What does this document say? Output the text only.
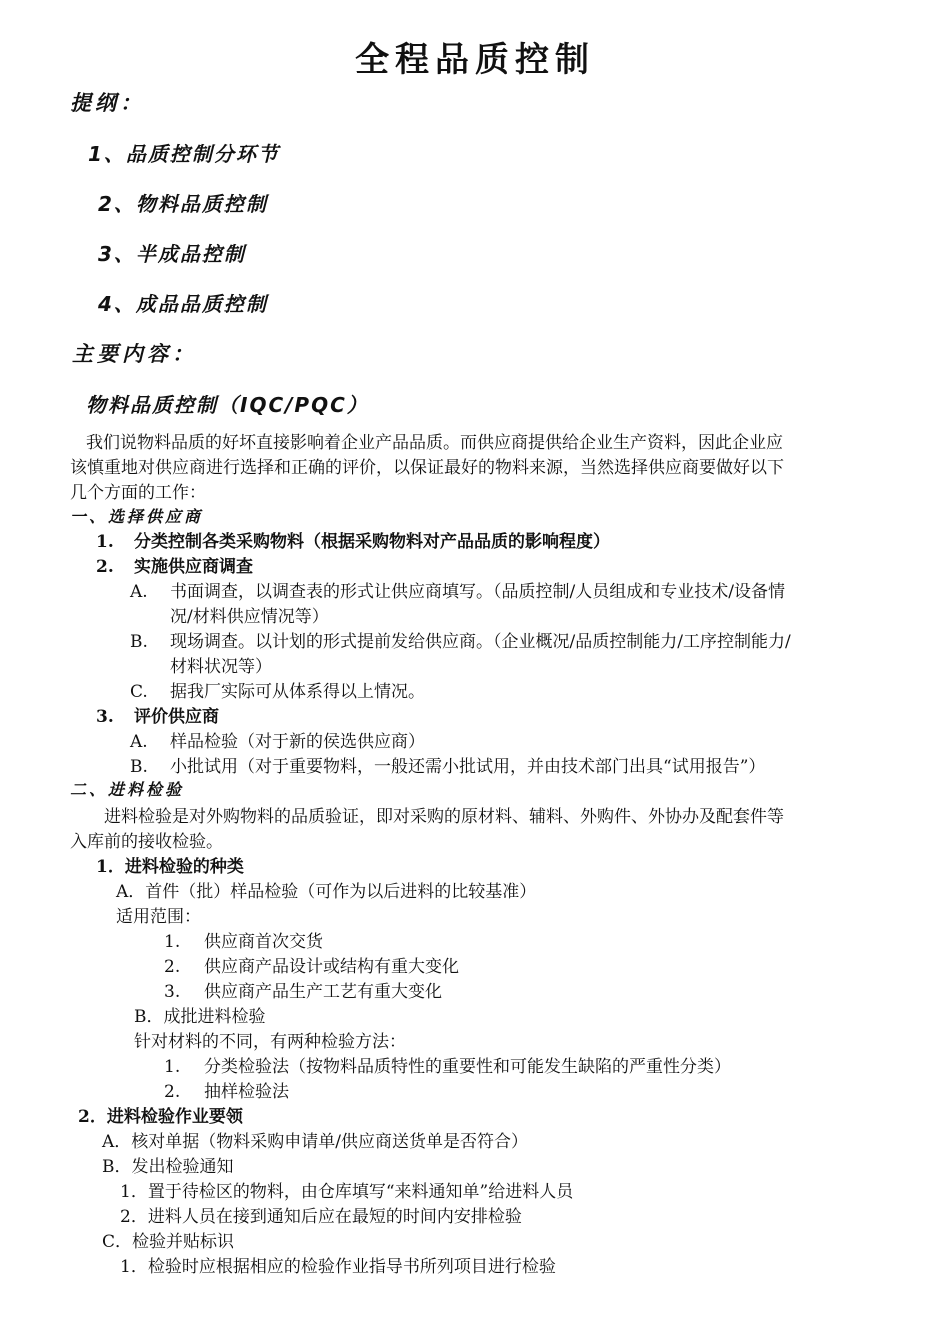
全程品质控制
提纲：
1、品质控制分环节
2、物料品质控制
3、半成品控制
4、成品品质控制
主要内容：
物料品质控制（IQC/PQC）
我们说物料品质的好坏直接影响着企业产品品质。而供应商提供给企业生产资料，因此企业应
该慎重地对供应商进行选择和正确的评价，以保证最好的物料来源，当然选择供应商要做好以下
几个方面的工作：
一、选择供应商
1. 分类控制各类采购物料（根据采购物料对产品品质的影响程度）
2. 实施供应商调查
A. 书面调查，以调查表的形式让供应商填写。（品质控制/人员组成和专业技术/设备情
况/材料供应情况等）
B. 现场调查。以计划的形式提前发给供应商。（企业概况/品质控制能力/工序控制能力/
材料状况等）
C. 据我厂实际可从体系得以上情况。
3. 评价供应商
A. 样品检验（对于新的侯选供应商）
B. 小批试用（对于重要物料，一般还需小批试用，并由技术部门出具“试用报告”）
二、进料检验
进料检验是对外购物料的品质验证，即对采购的原材料、辅料、外购件、外协办及配套件等
入库前的接收检验。
1．进料检验的种类
A．首件（批）样品检验（可作为以后进料的比较基准）
适用范围：
1. 供应商首次交货
2. 供应商产品设计或结构有重大变化
3. 供应商产品生产工艺有重大变化
B．成批进料检验
针对材料的不同，有两种检验方法：
1. 分类检验法（按物料品质特性的重要性和可能发生缺陷的严重性分类）
2. 抽样检验法
2．进料检验作业要领
A．核对单据（物料采购申请单/供应商送货单是否符合）
B．发出检验通知
1．置于待检区的物料，由仓库填写“来料通知单”给进料人员
2．进料人员在接到通知后应在最短的时间内安排检验
C．检验并贴标识
1．检验时应根据相应的检验作业指导书所列项目进行检验
